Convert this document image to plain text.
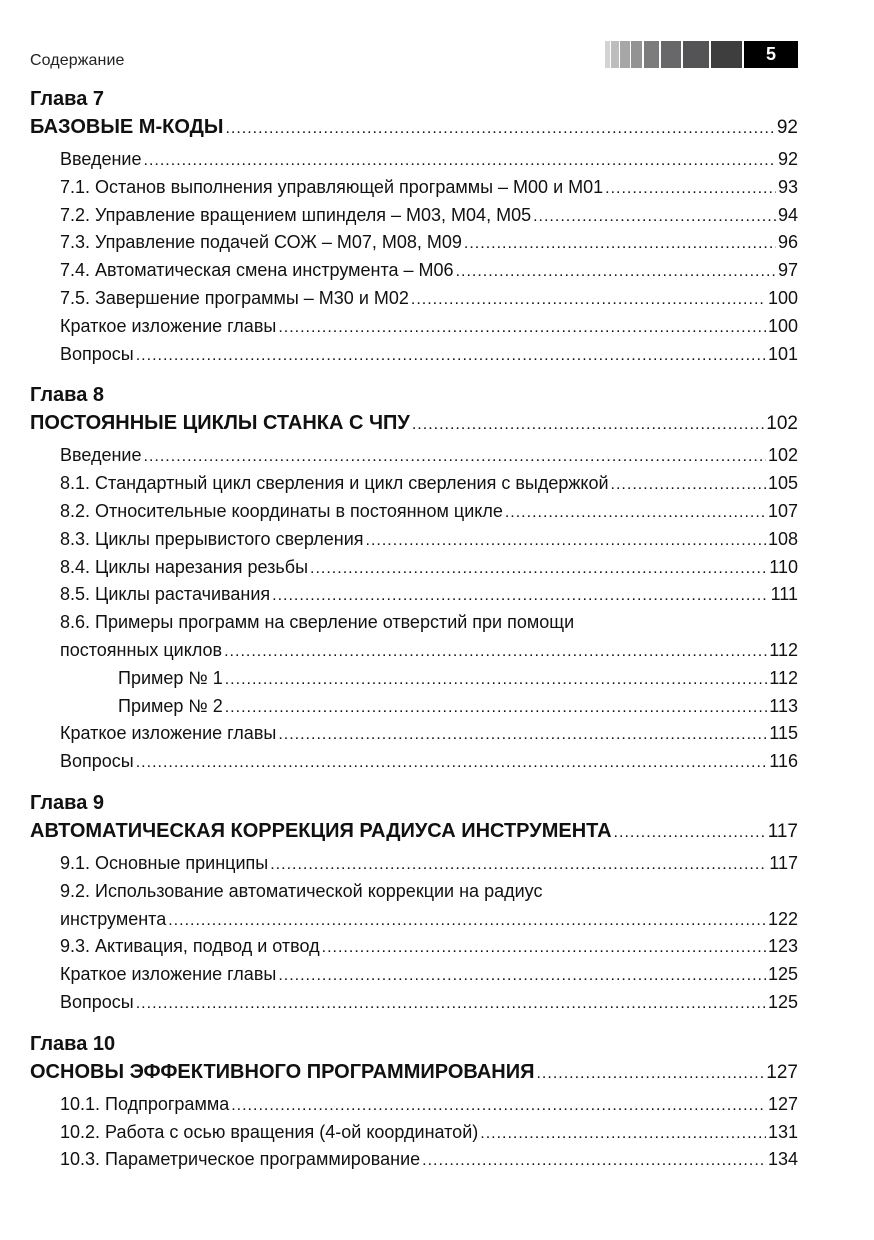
Содержание	5
Глава 7
БАЗОВЫЕ М-КОДЫ .....	92
Введение .....	92
7.1. Останов выполнения управляющей программы – M00 и M01 .....	93
7.2. Управление вращением шпинделя – M03, M04, M05 .....	94
7.3. Управление подачей СОЖ – M07, M08, M09 .....	96
7.4. Автоматическая смена инструмента – M06 .....	97
7.5. Завершение программы – M30 и M02 .....	100
Краткое изложение главы .....	100
Вопросы .....	101
Глава 8
ПОСТОЯННЫЕ ЦИКЛЫ СТАНКА С ЧПУ .....	102
Введение .....	102
8.1. Стандартный цикл сверления и цикл сверления с выдержкой .....	105
8.2. Относительные координаты в постоянном цикле .....	107
8.3. Циклы прерывистого сверления .....	108
8.4. Циклы нарезания резьбы .....	110
8.5. Циклы растачивания .....	111
8.6. Примеры программ на сверление отверстий при помощи
постоянных циклов .....	112
Пример № 1 .....	112
Пример № 2 .....	113
Краткое изложение главы .....	115
Вопросы .....	116
Глава 9
АВТОМАТИЧЕСКАЯ КОРРЕКЦИЯ РАДИУСА ИНСТРУМЕНТА .....	117
9.1. Основные принципы .....	117
9.2. Использование автоматической коррекции на радиус
инструмента .....	122
9.3. Активация, подвод и отвод .....	123
Краткое изложение главы .....	125
Вопросы .....	125
Глава 10
ОСНОВЫ ЭФФЕКТИВНОГО ПРОГРАММИРОВАНИЯ .....	127
10.1. Подпрограмма .....	127
10.2. Работа с осью вращения (4-ой координатой) .....	131
10.3. Параметрическое программирование .....	134
